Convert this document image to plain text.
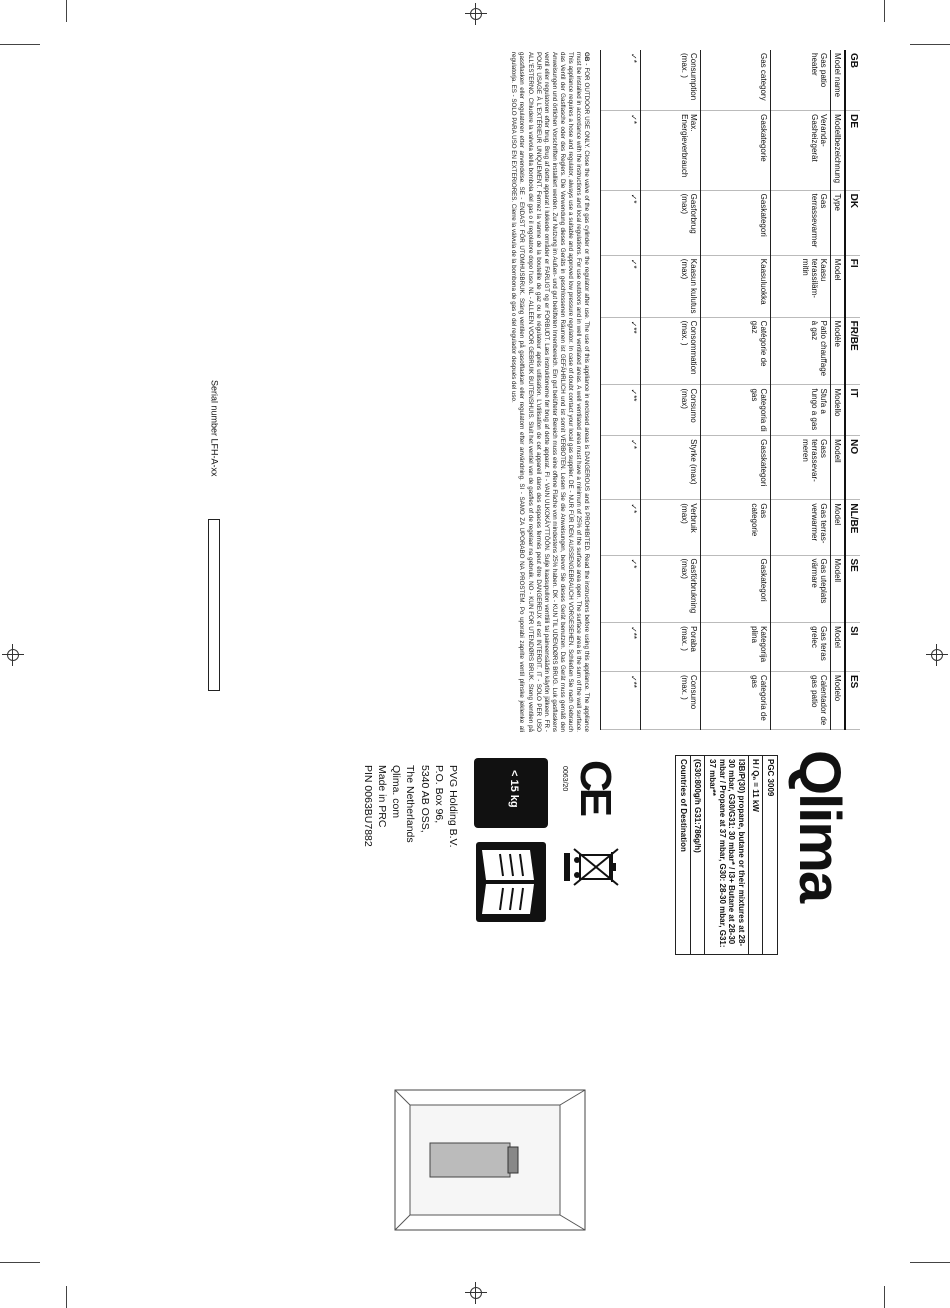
GB	DE	DK	FI	FR/BE	IT	NO	NL/BE	SE	SI	ES
Model name	Modellbezeichnung	Type	Model	Modèle	Modello	Modell	Model	Modell	Model	Modelo
Gas patio heater	Veranda-Gasheizgerät	Gas terrassevarmer	Kaasu terassiläm-mitin	Patio chauffage à gaz	Stufa a fungo a gas	Gass terrassevar-meren	Gas terras-verwarmer	Gas uteplats värmare	Gas teras grelec	Calentador de gas patio
Gas category	Gaskategorie	Gaskategori	Kaasuluokka	Catégorie de gaz	Categoria di gas	Gasskategori	Gas categorie	Gaskategori	Kategorija plina	Categoria de gas
Consumption (max. )	Max. Energieverbrauch	Gasforbrug (max)	Kaasun kulutus (max)	Consommation (max. )	Consumo (max)	Styrke (max)	Verbruik (max)	Gasförbrukning (max)	Poraba (max. )	Consumo (max. )
✓*	✓*	✓*	✓*	✓**	✓**	✓*	✓*	✓*	✓**	✓**
GB - FOR OUTDOOR USE ONLY. Close the valve of the gas cylinder or the regulator after use. The use of this appliance in enclosed areas is DANGEROUS and is PROHIBITED. Read the instructions before using this appliance. The appliance must be installed in accordance with the instructions and local regulations. For use outdoors and in well ventilated areas. A well ventilated area must have a minimum of 25% of the surface area open. The surface area is the sum of the wall surface. This appliance requires a hose and regulator, always use a suitable and approved low pressure regulator. In case of doubt contact your local gas supplier. DE - NUR FÜR DEN AUSSENGEBRAUCH VORGESEHEN. Schließen Sie nach Gebrauch das Ventil der Gasflasche oder des Reglers. Die Verwendung dieses Geräts in geschlossenen Räumen ist GEFÄHRLICH und ist somit VERBOTEN. Lesen Sie die Anweisungen, bevor Sie dieses Gerät benutzen. Das Gerät muss gemäß den Anweisungen und örtlichen Vorschriften installiert werden. Zur Nutzung im Außen- und gut belüfteten Innenbereich. Ein gut belüfteter Bereich muss eine offene Fläche von mindestens 25% haben. DK - KUN TIL UDENDØRS BRUG. Luk gasflaskens ventil eller regulatoren efter brug. Brug af dette apparat i lukkede områder er FARLIGT og er FORBUDT. Læs instruktionerne før brug af dette apparat. FI - VAIN ULKOKÄYTTÖÖN. Sulje kaasupullon venttiili tai paineensäädin käytön jälkeen. FR - POUR USAGE À L'EXTÉRIEUR UNIQUEMENT. Fermez la vanne de la bouteille de gaz ou le régulateur après utilisation. L'utilisation de cet appareil dans des espaces fermés peut être DANGEREUX et est INTERDIT. IT - SOLO PER USO ALL'ESTERNO. Chiudere la valvola della bombola del gas o il regolatore dopo l'uso. NL - ALLEEN VOOR GEBRUIK BUITENSHUIS. Sluit het ventiel van de gasfles of de regelaar na gebruik. NO - KUN FOR UTENDØRS BRUK. Steng ventilen på gassflasken eller regulatoren etter anvendelse. SE - ENDAST FÖR UTOMHUSBRUK. Stäng ventilen på gasolflaskan eller regulatorn efter användning. SI - SAMO ZA UPORABO NA PROSTEM. Po uporabi zaprite ventil plinske jeklenke ali regulatorja. ES - SOLO PARA USO EN EXTERIORES. Cierre la válvula de la bombona de gas o del regulador después del uso.
Serial number LFH-A-xx
Qlima
PGC 3009
H / Qₙ = 11 kW
I3B/P(30) propane, butane or their mixtures at 28-30 mbar, G30/G31: 30 mbar* / I3+ Butane at 28-30 mbar / Propane at 37 mbar, G30: 28-30 mbar, G31: 37 mbar**
(G30:800g/h G31:786g/h)
Countries of Destination
CE
0063/20
< 15 kg
PVG Holding B.V.
P.O. Box 96,
5340 AB OSS,
The Netherlands
Qlima. com
Made in PRC
PIN 0063BU7882
